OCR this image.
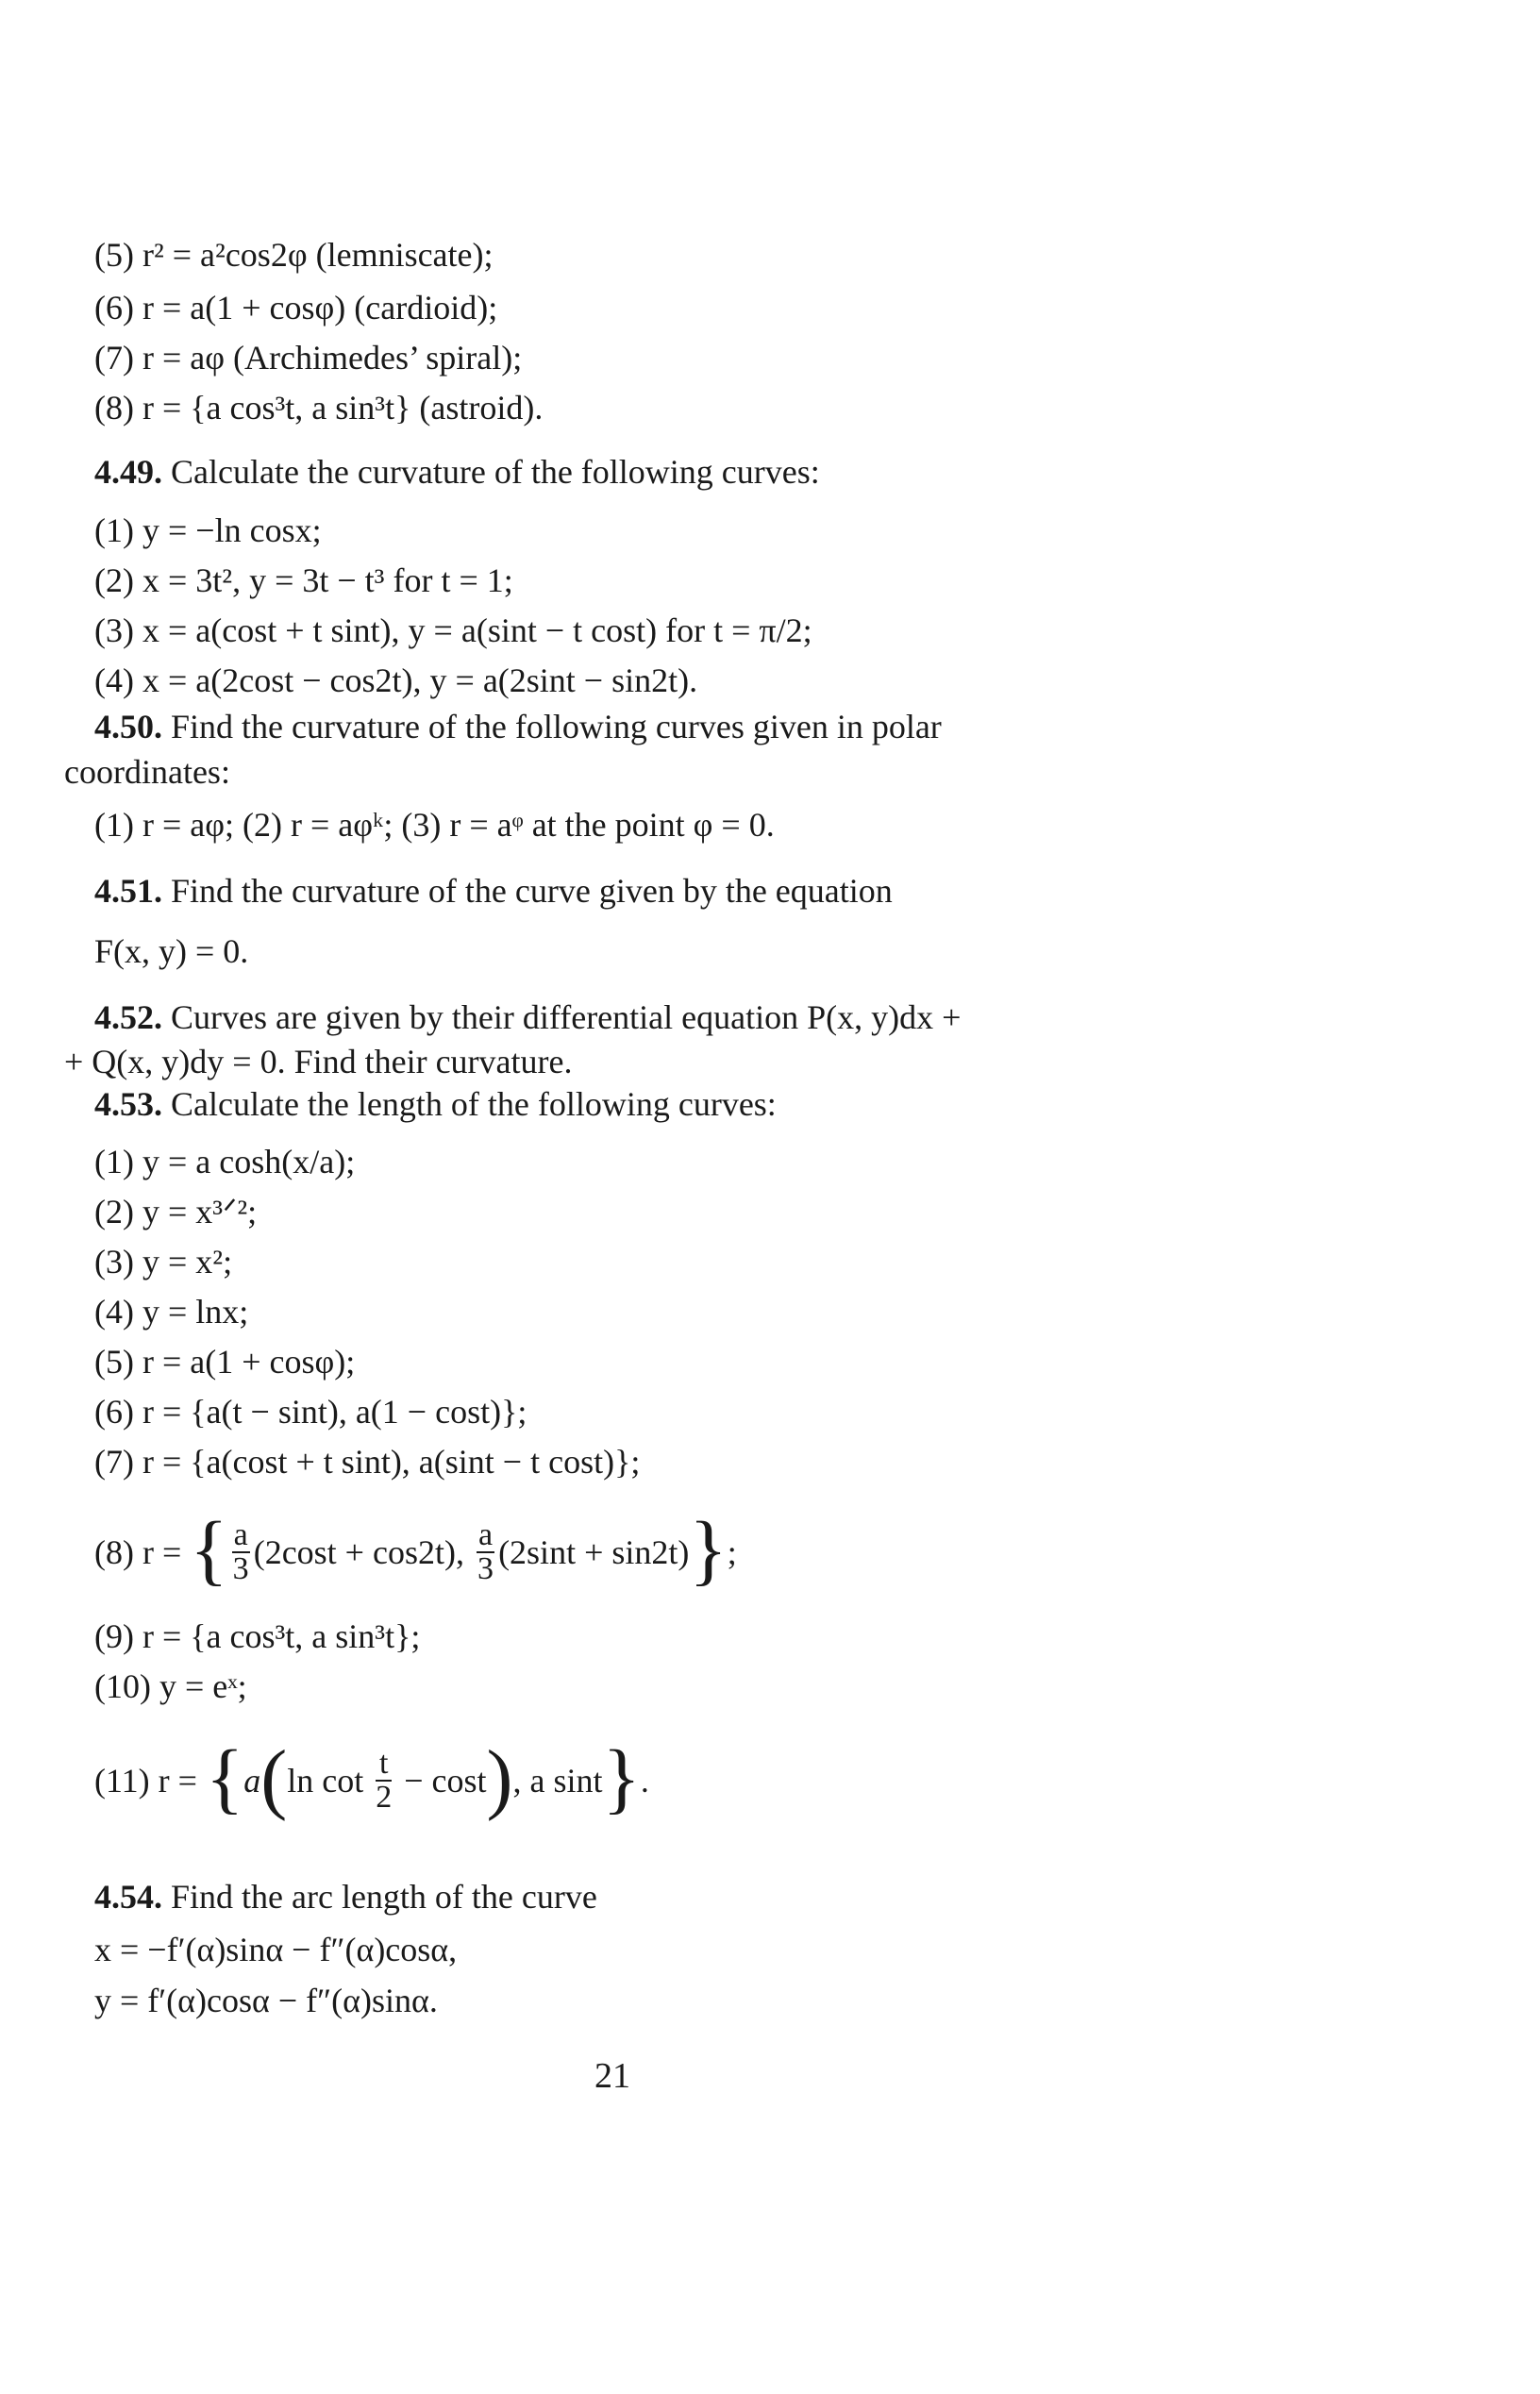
(5) r² = a²cos2φ (lemniscate);
(6) r = a(1 + cosφ) (cardioid);
(7) r = aφ (Archimedes’ spiral);
(8) r = {a cos³t, a sin³t} (astroid).
4.49. Calculate the curvature of the following curves:
(1) y = −ln cosx;
(2) x = 3t², y = 3t − t³ for t = 1;
(3) x = a(cost + t sint), y = a(sint − t cost) for t = π/2;
(4) x = a(2cost − cos2t), y = a(2sint − sin2t).
4.50. Find the curvature of the following curves given in polar
coordinates:
(1) r = aφ; (2) r = aφᵏ; (3) r = aᵠ at the point φ = 0.
4.51. Find the curvature of the curve given by the equation
F(x, y) = 0.
4.52. Curves are given by their differential equation P(x, y)dx +
+ Q(x, y)dy = 0. Find their curvature.
4.53. Calculate the length of the following curves:
(1) y = a cosh(x/a);
(2) y = x³ᐟ²;
(3) y = x²;
(4) y = lnx;
(5) r = a(1 + cosφ);
(6) r = {a(t − sint), a(1 − cost)};
(7) r = {a(cost + t sint), a(sint − t cost)};
(8) r = { $\frac{a}{3} (2\cos t + \cos 2t)$, $\frac{a}{3} (2\sin t + \sin 2t)$};
(9) r = {a cos³t, a sin³t};
(10) y = eˣ;
(11) r = {a(ln $\cot \frac{t}{2} - \cos t$), a sint}.
4.54. Find the arc length of the curve
x = −f′(α)sinα − f″(α)cosα,
y = f′(α)cosα − f″(α)sinα.
21
